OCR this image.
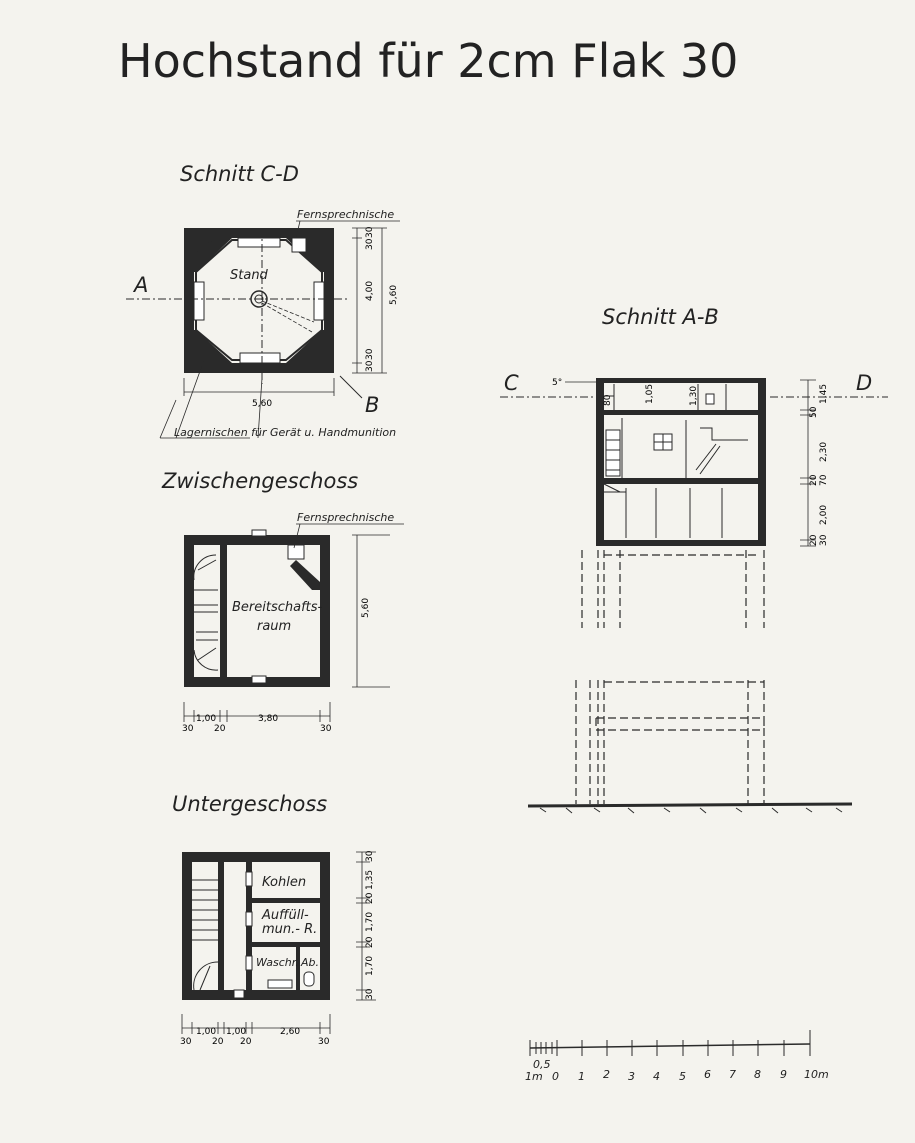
Hochstand für 2cm Flak 30
Schnitt C-D
Stand
A
B
Fernsprechnische
4,00 5,60
30
30
30
30
5,60
Lagernischen für Gerät u. Handmunition
Zwischengeschoss
Fernsprechnische
Bereitschafts-
raum
5,60
30
1,00
20
3,80
30
Untergeschoss
Kohlen
Auffüll-
mun.- R.
Waschr. Ab.
30
1,35
20
1,70
20
1,70
30
30
1,00
20
1,00
20
2,60
30
Schnitt A-B
C	D
5°
1,05	1,45
50
2,30
20 70
2,00
20 30
80	1,30
0,5
1m 0 1 2 3 4 5 6 7 8 9 10m
